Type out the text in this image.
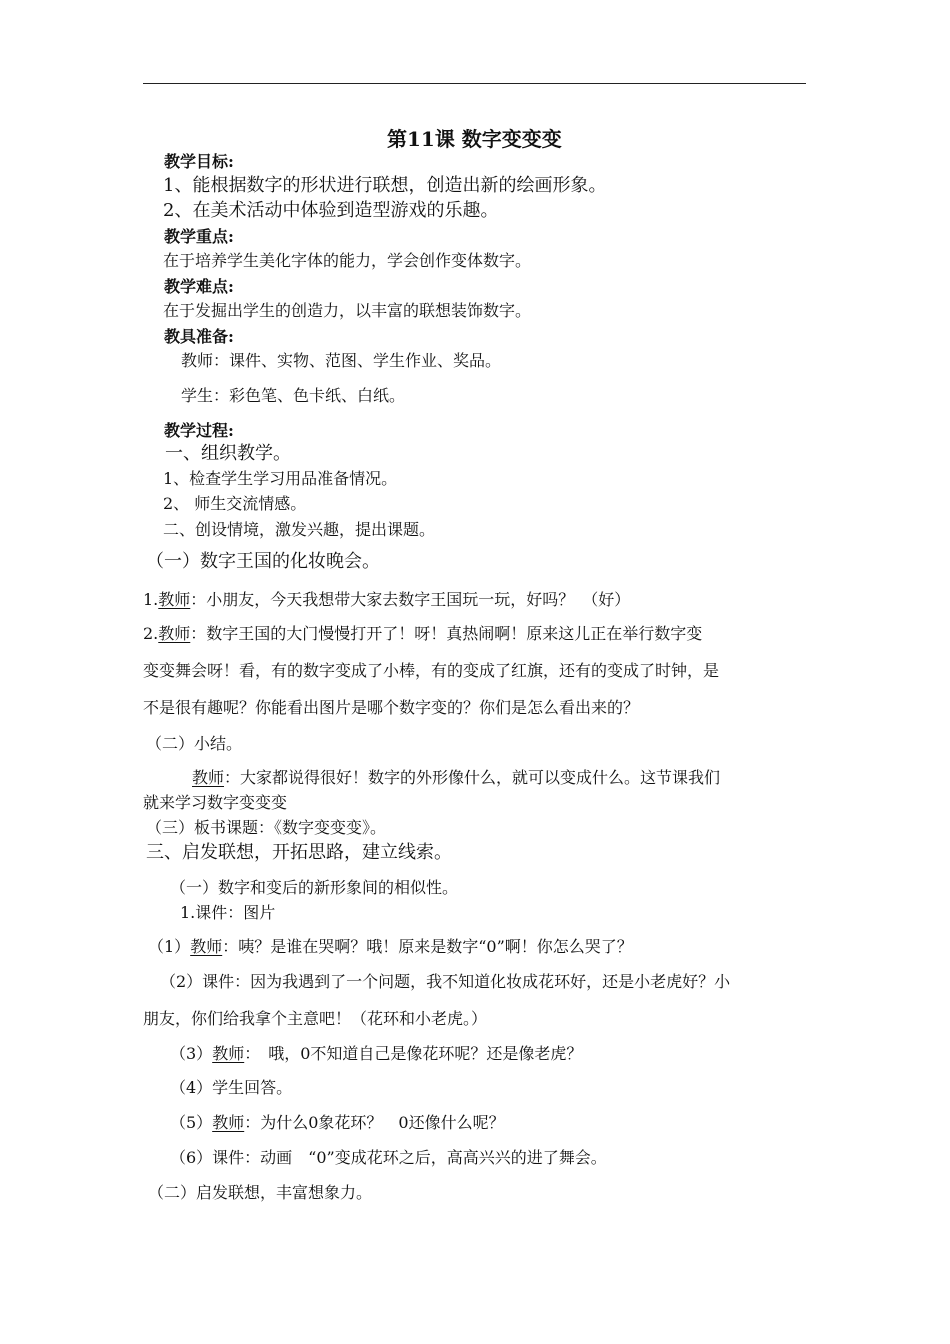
第11课 数字变变变
教学目标:
1、能根据数字的形状进行联想，创造出新的绘画形象。
2、在美术活动中体验到造型游戏的乐趣。
教学重点:
在于培养学生美化字体的能力，学会创作变体数字。
教学难点:
在于发掘出学生的创造力，以丰富的联想装饰数字。
教具准备:
教师：课件、实物、范图、学生作业、奖品。
学生：彩色笔、色卡纸、白纸。
教学过程:
一、组织教学。
1、检查学生学习用品准备情况。
2、 师生交流情感。
二、创设情境，激发兴趣，提出课题。
（一）数字王国的化妆晚会。
1.教师：小朋友，今天我想带大家去数字王国玩一玩，好吗？　（好）
2.教师：数字王国的大门慢慢打开了！呀！真热闹啊！原来这儿正在举行数字变
变变舞会呀！看，有的数字变成了小棒，有的变成了红旗，还有的变成了时钟，是
不是很有趣呢？你能看出图片是哪个数字变的？你们是怎么看出来的？
（二）小结。
教师：大家都说得很好！数字的外形像什么，就可以变成什么。这节课我们
就来学习数字变变变
（三）板书课题：《数字变变变》。
三、启发联想，开拓思路，建立线索。
（一）数字和变后的新形象间的相似性。
1.课件：图片
（1）教师：咦？是谁在哭啊？哦！原来是数字“0”啊！你怎么哭了？
（2）课件：因为我遇到了一个问题，我不知道化妆成花环好，还是小老虎好？小
朋友，你们给我拿个主意吧！（花环和小老虎。）
（3）教师：　哦，0不知道自己是像花环呢？还是像老虎？
（4）学生回答。
（5）教师：为什么0象花环？　0还像什么呢？
（6）课件：动画　“0”变成花环之后，高高兴兴的进了舞会。
（二）启发联想，丰富想象力。
